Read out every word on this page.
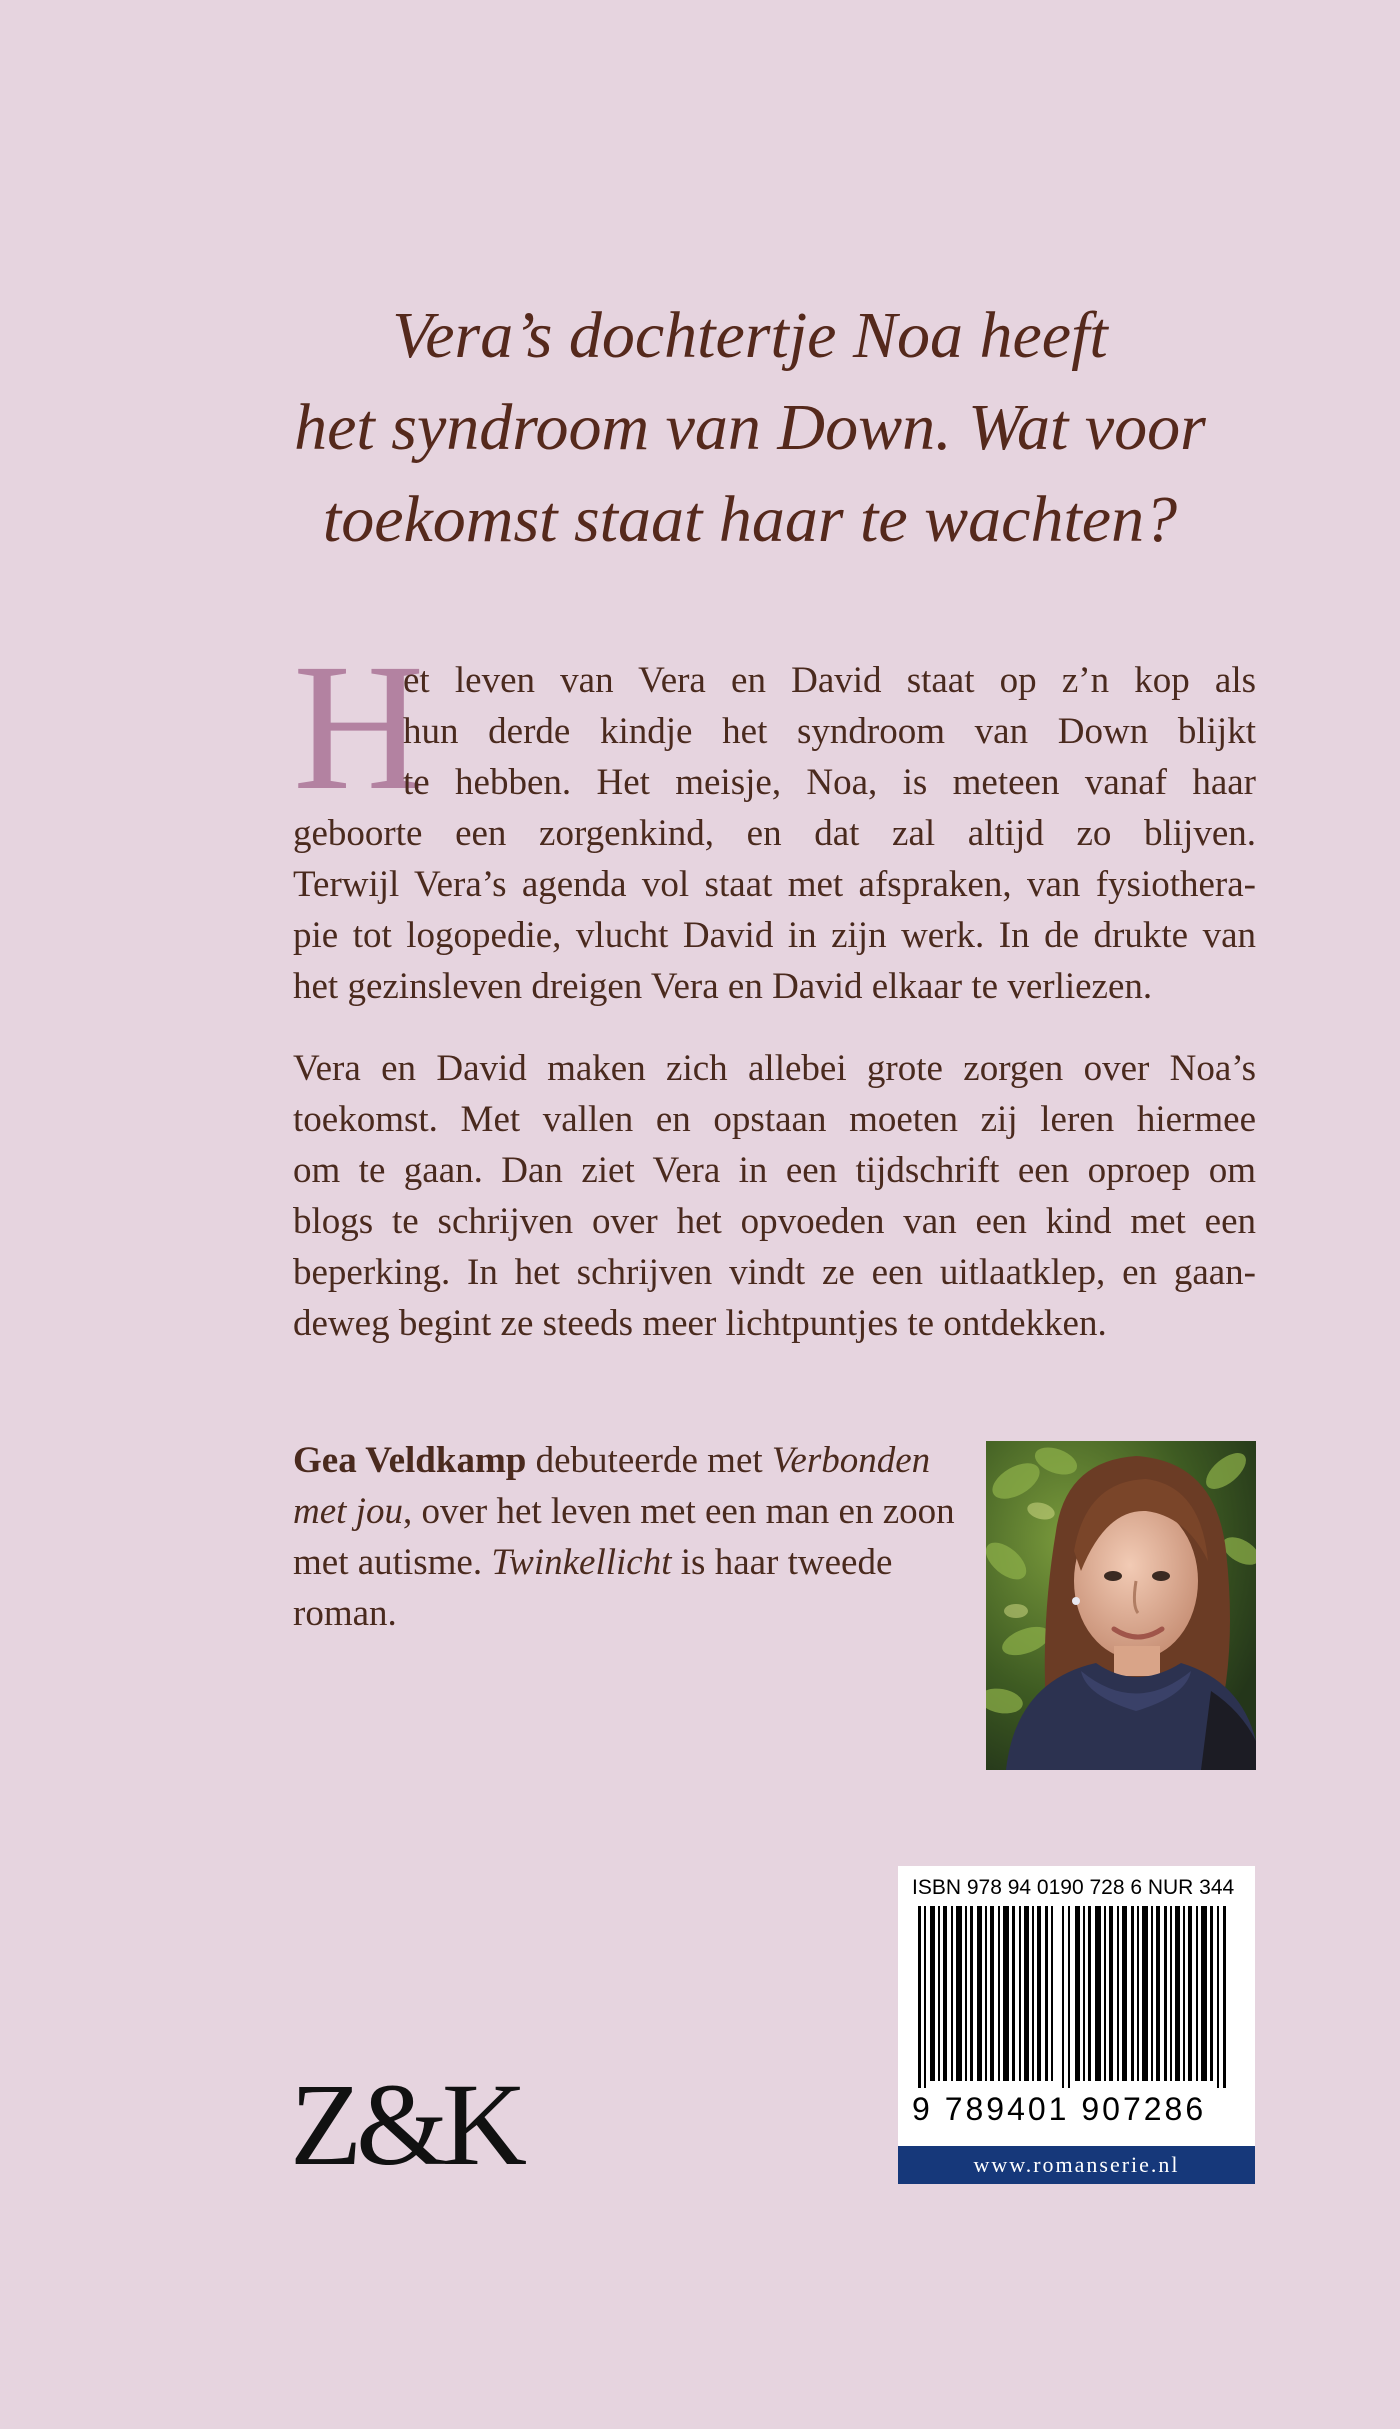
Vera’s dochtertje Noa heeft
het syndroom van Down. Wat voor
toekomst staat haar te wachten?
H
et leven van Vera en David staat op z’n kop als
hun derde kindje het syndroom van Down blijkt
te hebben. Het meisje, Noa, is meteen vanaf haar
geboorte een zorgenkind, en dat zal altijd zo blijven.
Terwijl Vera’s agenda vol staat met afspraken, van fysiothera-
pie tot logopedie, vlucht David in zijn werk. In de drukte van
het gezinsleven dreigen Vera en David elkaar te verliezen.
Vera en David maken zich allebei grote zorgen over Noa’s
toekomst. Met vallen en opstaan moeten zij leren hiermee
om te gaan. Dan ziet Vera in een tijdschrift een oproep om
blogs te schrijven over het opvoeden van een kind met een
beperking. In het schrijven vindt ze een uitlaatklep, en gaan-
deweg begint ze steeds meer lichtpuntjes te ontdekken.
Gea Veldkamp debuteerde met Verbonden met jou, over het leven met een man en zoon met autisme. Twinkellicht is haar tweede roman.
ISBN 978 94 0190 728 6 NUR 344
9 789401 907286
www.romanserie.nl
Z&K
